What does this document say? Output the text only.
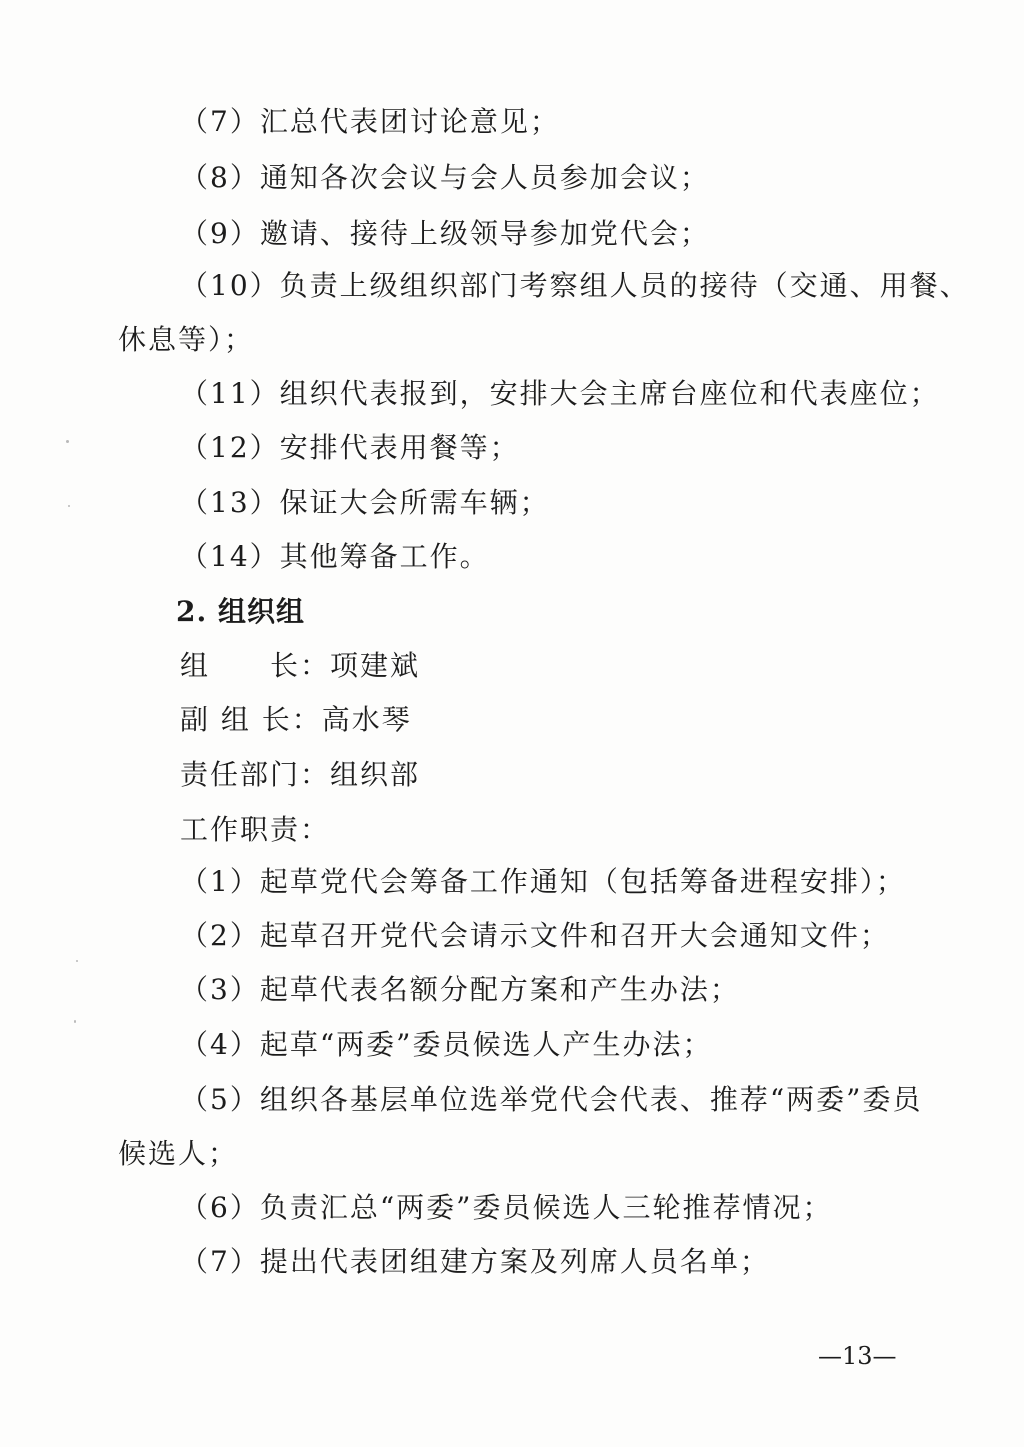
（7）汇总代表团讨论意见；
（8）通知各次会议与会人员参加会议；
（9）邀请、接待上级领导参加党代会；
（10）负责上级组织部门考察组人员的接待（交通、用餐、
休息等）；
（11）组织代表报到，安排大会主席台座位和代表座位；
（12）安排代表用餐等；
（13）保证大会所需车辆；
（14）其他筹备工作。
2. 组织组
组　　长：项建斌
副 组 长：高水琴
责任部门：组织部
工作职责：
（1）起草党代会筹备工作通知（包括筹备进程安排）；
（2）起草召开党代会请示文件和召开大会通知文件；
（3）起草代表名额分配方案和产生办法；
（4）起草“两委”委员候选人产生办法；
（5）组织各基层单位选举党代会代表、推荐“两委”委员
候选人；
（6）负责汇总“两委”委员候选人三轮推荐情况；
（7）提出代表团组建方案及列席人员名单；
—13—
